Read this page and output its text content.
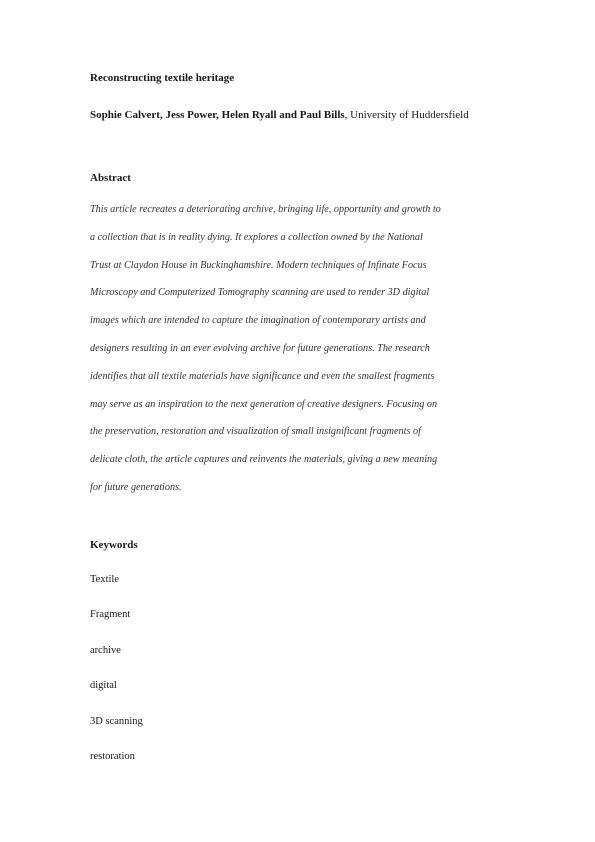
Reconstructing textile heritage
Sophie Calvert, Jess Power, Helen Ryall and Paul Bills, University of Huddersfield
Abstract
This article recreates a deteriorating archive, bringing life, opportunity and growth to
a collection that is in reality dying. It explores a collection owned by the National
Trust at Claydon House in Buckinghamshire. Modern techniques of Infinate Focus
Microscopy and Computerized Tomography scanning are used to render 3D digital
images which are intended to capture the imagination of contemporary artists and
designers resulting in an ever evolving archive for future generations. The research
identifies that all textile materials have significance and even the smallest fragments
may serve as an inspiration to the next generation of creative designers. Focusing on
the preservation, restoration and visualization of small insignificant fragments of
delicate cloth, the article captures and reinvents the materials, giving a new meaning
for future generations.
Keywords
Textile
Fragment
archive
digital
3D scanning
restoration
